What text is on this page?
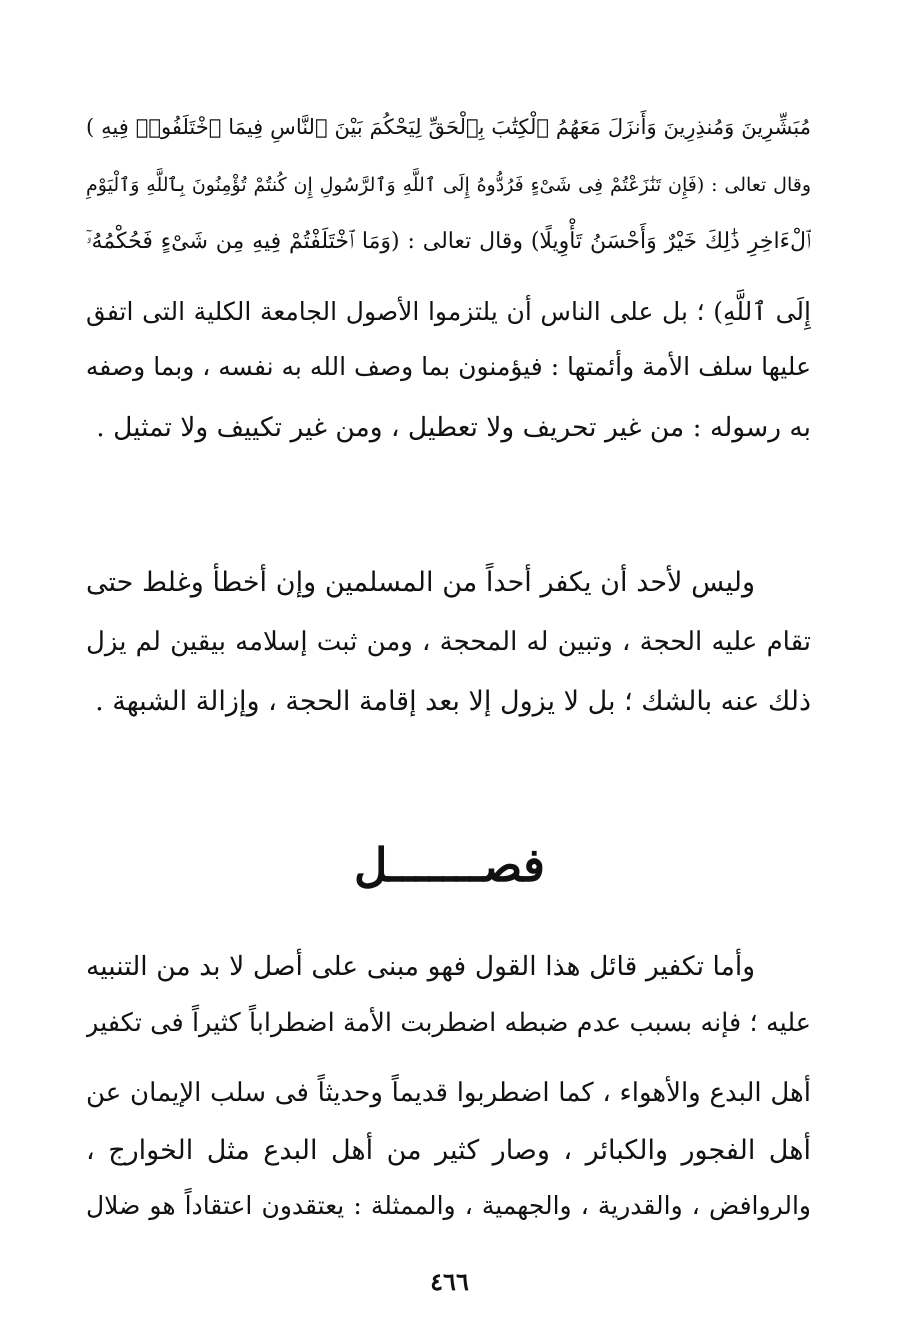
مُبَشِّرِينَ وَمُنذِرِينَ وَأَنزَلَ مَعَهُمُ ٱلْكِتَٰبَ بِٱلْحَقِّ لِيَحْكُمَ بَيْنَ ٱلنَّاسِ فِيمَا ٱخْتَلَفُوا۟ فِيهِ )
وقال تعالى : (فَإِن تَنَٰزَعْتُمْ فِى شَىْءٍ فَرُدُّوهُ إِلَى ٱللَّهِ وَٱلرَّسُولِ إِن كُنتُمْ تُؤْمِنُونَ بِٱللَّهِ وَٱلْيَوْمِ
ٱلْءَاخِرِ ذَٰلِكَ خَيْرٌ وَأَحْسَنُ تَأْوِيلًا) وقال تعالى : (وَمَا ٱخْتَلَفْتُمْ فِيهِ مِن شَىْءٍ فَحُكْمُهُۥٓ
إِلَى ٱللَّهِ) ؛ بل على الناس أن يلتزموا الأصول الجامعة الكلية التى اتفق
عليها سلف الأمة وأئمتها : فيؤمنون بما وصف الله به نفسه ، وبما وصفه
به رسوله : من غير تحريف ولا تعطيل ، ومن غير تكييف ولا تمثيل .
وليس لأحد أن يكفر أحداً من المسلمين وإن أخطأ وغلط حتى
تقام عليه الحجة ، وتبين له المحجة ، ومن ثبت إسلامه بيقين لم يزل
ذلك عنه بالشك ؛ بل لا يزول إلا بعد إقامة الحجة ، وإزالة الشبهة .
فصـــــــل
وأما تكفير قائل هذا القول فهو مبنى على أصل لا بد من التنبيه
عليه ؛ فإنه بسبب عدم ضبطه اضطربت الأمة اضطراباً كثيراً فى تكفير
أهل البدع والأهواء ، كما اضطربوا قديماً وحديثاً فى سلب الإيمان عن
أهل الفجور والكبائر ، وصار كثير من أهل البدع مثل الخوارج ،
والروافض ، والقدرية ، والجهمية ، والممثلة : يعتقدون اعتقاداً هو ضلال
٤٦٦
